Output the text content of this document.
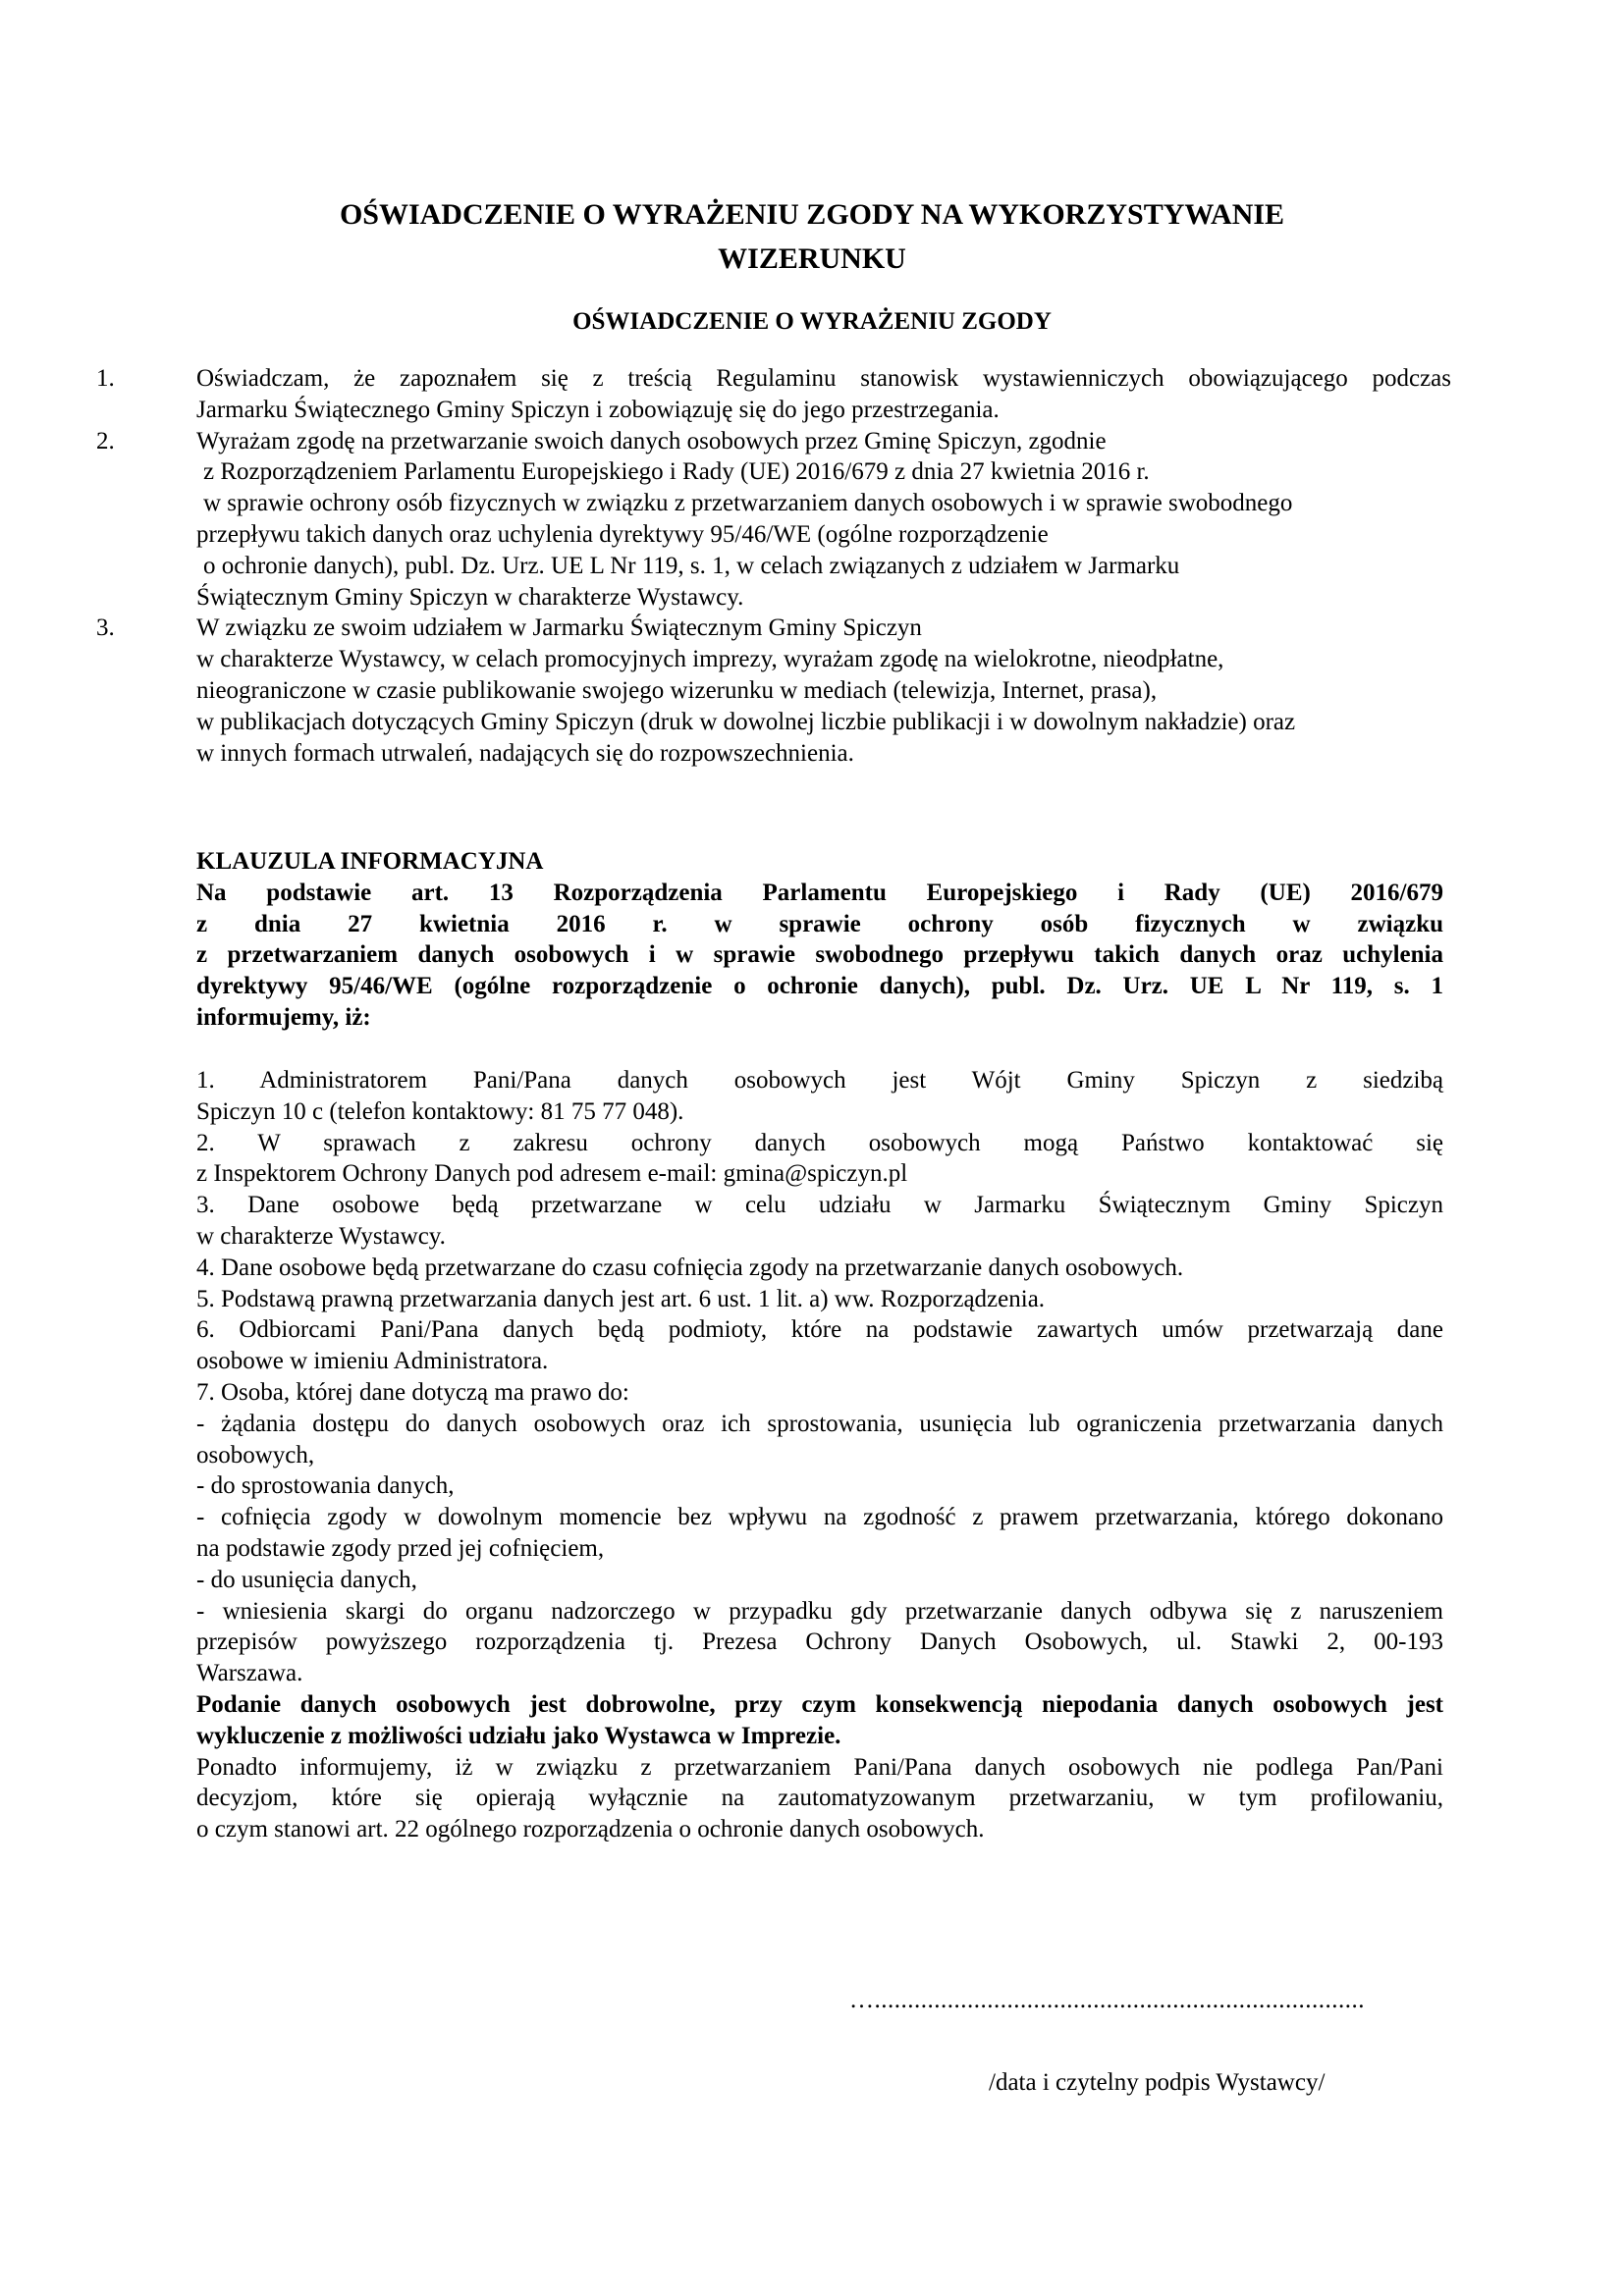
OŚWIADCZENIE O WYRAŻENIU ZGODY NA WYKORZYSTYWANIE
WIZERUNKU
OŚWIADCZENIE O WYRAŻENIU ZGODY
1.	Oświadczam, że zapoznałem się z treścią Regulaminu stanowisk wystawienniczych obowiązującego podczas
Jarmarku Świątecznego Gminy Spiczyn i zobowiązuję się do jego przestrzegania.
2.	Wyrażam zgodę na przetwarzanie swoich danych osobowych przez Gminę Spiczyn, zgodnie
z Rozporządzeniem Parlamentu Europejskiego i Rady (UE) 2016/679 z dnia 27 kwietnia 2016 r.
w sprawie ochrony osób fizycznych w związku z przetwarzaniem danych osobowych i w sprawie swobodnego
przepływu takich danych oraz uchylenia dyrektywy 95/46/WE (ogólne rozporządzenie
o ochronie danych), publ. Dz. Urz. UE L Nr 119, s. 1, w celach związanych z udziałem w Jarmarku
Świątecznym Gminy Spiczyn w charakterze Wystawcy.
3.	W związku ze swoim udziałem w Jarmarku Świątecznym Gminy Spiczyn
w charakterze Wystawcy, w celach promocyjnych imprezy, wyrażam zgodę na wielokrotne, nieodpłatne,
nieograniczone w czasie publikowanie swojego wizerunku w mediach (telewizja, Internet, prasa),
w publikacjach dotyczących Gminy Spiczyn (druk w dowolnej liczbie publikacji i w dowolnym nakładzie) oraz
w innych formach utrwaleń, nadających się do rozpowszechnienia.
KLAUZULA INFORMACYJNA
Na podstawie art. 13 Rozporządzenia Parlamentu Europejskiego i Rady (UE) 2016/679
z dnia 27 kwietnia 2016 r. w sprawie ochrony osób fizycznych w związku
z przetwarzaniem danych osobowych i w sprawie swobodnego przepływu takich danych oraz uchylenia
dyrektywy 95/46/WE (ogólne rozporządzenie o ochronie danych), publ. Dz. Urz. UE L Nr 119, s. 1
informujemy, iż:
1. Administratorem Pani/Pana danych osobowych jest Wójt Gminy Spiczyn z siedzibą
Spiczyn 10 c (telefon kontaktowy: 81 75 77 048).
2. W sprawach z zakresu ochrony danych osobowych mogą Państwo kontaktować się
z Inspektorem Ochrony Danych pod adresem e-mail: gmina@spiczyn.pl
3. Dane osobowe będą przetwarzane w celu udziału w Jarmarku Świątecznym Gminy Spiczyn
w charakterze Wystawcy.
4. Dane osobowe będą przetwarzane do czasu cofnięcia zgody na przetwarzanie danych osobowych.
5. Podstawą prawną przetwarzania danych jest art. 6 ust. 1 lit. a) ww. Rozporządzenia.
6. Odbiorcami Pani/Pana danych będą podmioty, które na podstawie zawartych umów przetwarzają dane
osobowe w imieniu Administratora.
7. Osoba, której dane dotyczą ma prawo do:
- żądania dostępu do danych osobowych oraz ich sprostowania, usunięcia lub ograniczenia przetwarzania danych
osobowych,
- do sprostowania danych,
- cofnięcia zgody w dowolnym momencie bez wpływu na zgodność z prawem przetwarzania, którego dokonano
na podstawie zgody przed jej cofnięciem,
- do usunięcia danych,
- wniesienia skargi do organu nadzorczego w przypadku gdy przetwarzanie danych odbywa się z naruszeniem
przepisów powyższego rozporządzenia tj. Prezesa Ochrony Danych Osobowych, ul. Stawki 2, 00-193
Warszawa.
Podanie danych osobowych jest dobrowolne, przy czym konsekwencją niepodania danych osobowych jest
wykluczenie z możliwości udziału jako Wystawca w Imprezie.
Ponadto informujemy, iż w związku z przetwarzaniem Pani/Pana danych osobowych nie podlega Pan/Pani
decyzjom, które się opierają wyłącznie na zautomatyzowanym przetwarzaniu, w tym profilowaniu,
o czym stanowi art. 22 ogólnego rozporządzenia o ochronie danych osobowych.
…..........................................................................
/data i czytelny podpis Wystawcy/
